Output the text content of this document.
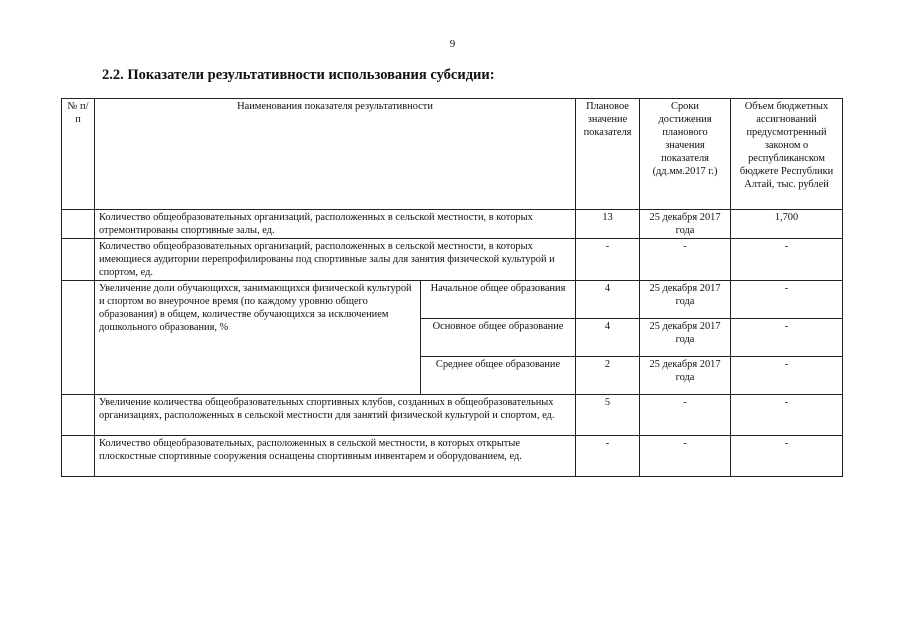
9
2.2. Показатели результативности использования субсидии:
№ п/п	Наименования показателя результативности		Плановое значение показателя	Сроки достижения планового значения показателя (дд.мм.2017 г.)	Объем бюджетных ассигнований предусмотренный законом о республиканском бюджете Республики Алтай, тыс. рублей
	Количество общеобразовательных организаций, расположенных в сельской местности, в которых отремонтированы спортивные залы, ед.		13	25 декабря 2017 года	1,700
	Количество общеобразовательных организаций, расположенных в сельской местности, в которых имеющиеся аудитории перепрофилированы под спортивные залы для занятия физической культурой и спортом, ед.		-	-	-
	Увеличение доли обучающихся, занимающихся физической культурой и спортом во внеурочное время (по каждому уровню общего образования) в общем, количестве обучающихся за исключением дошкольного образования, %	Начальное общее образования	4	25 декабря 2017 года	-
		Основное общее образование	4	25 декабря 2017 года	-
		Среднее общее образование	2	25 декабря 2017 года	-
	Увеличение количества общеобразовательных спортивных клубов, созданных в общеобразовательных организациях, расположенных в сельской местности для занятий физической культурой и спортом, ед.		5	-	-
	Количество общеобразовательных, расположенных в сельской местности, в которых открытые плоскостные спортивные сооружения оснащены спортивным инвентарем и оборудованием, ед.		-	-	-
